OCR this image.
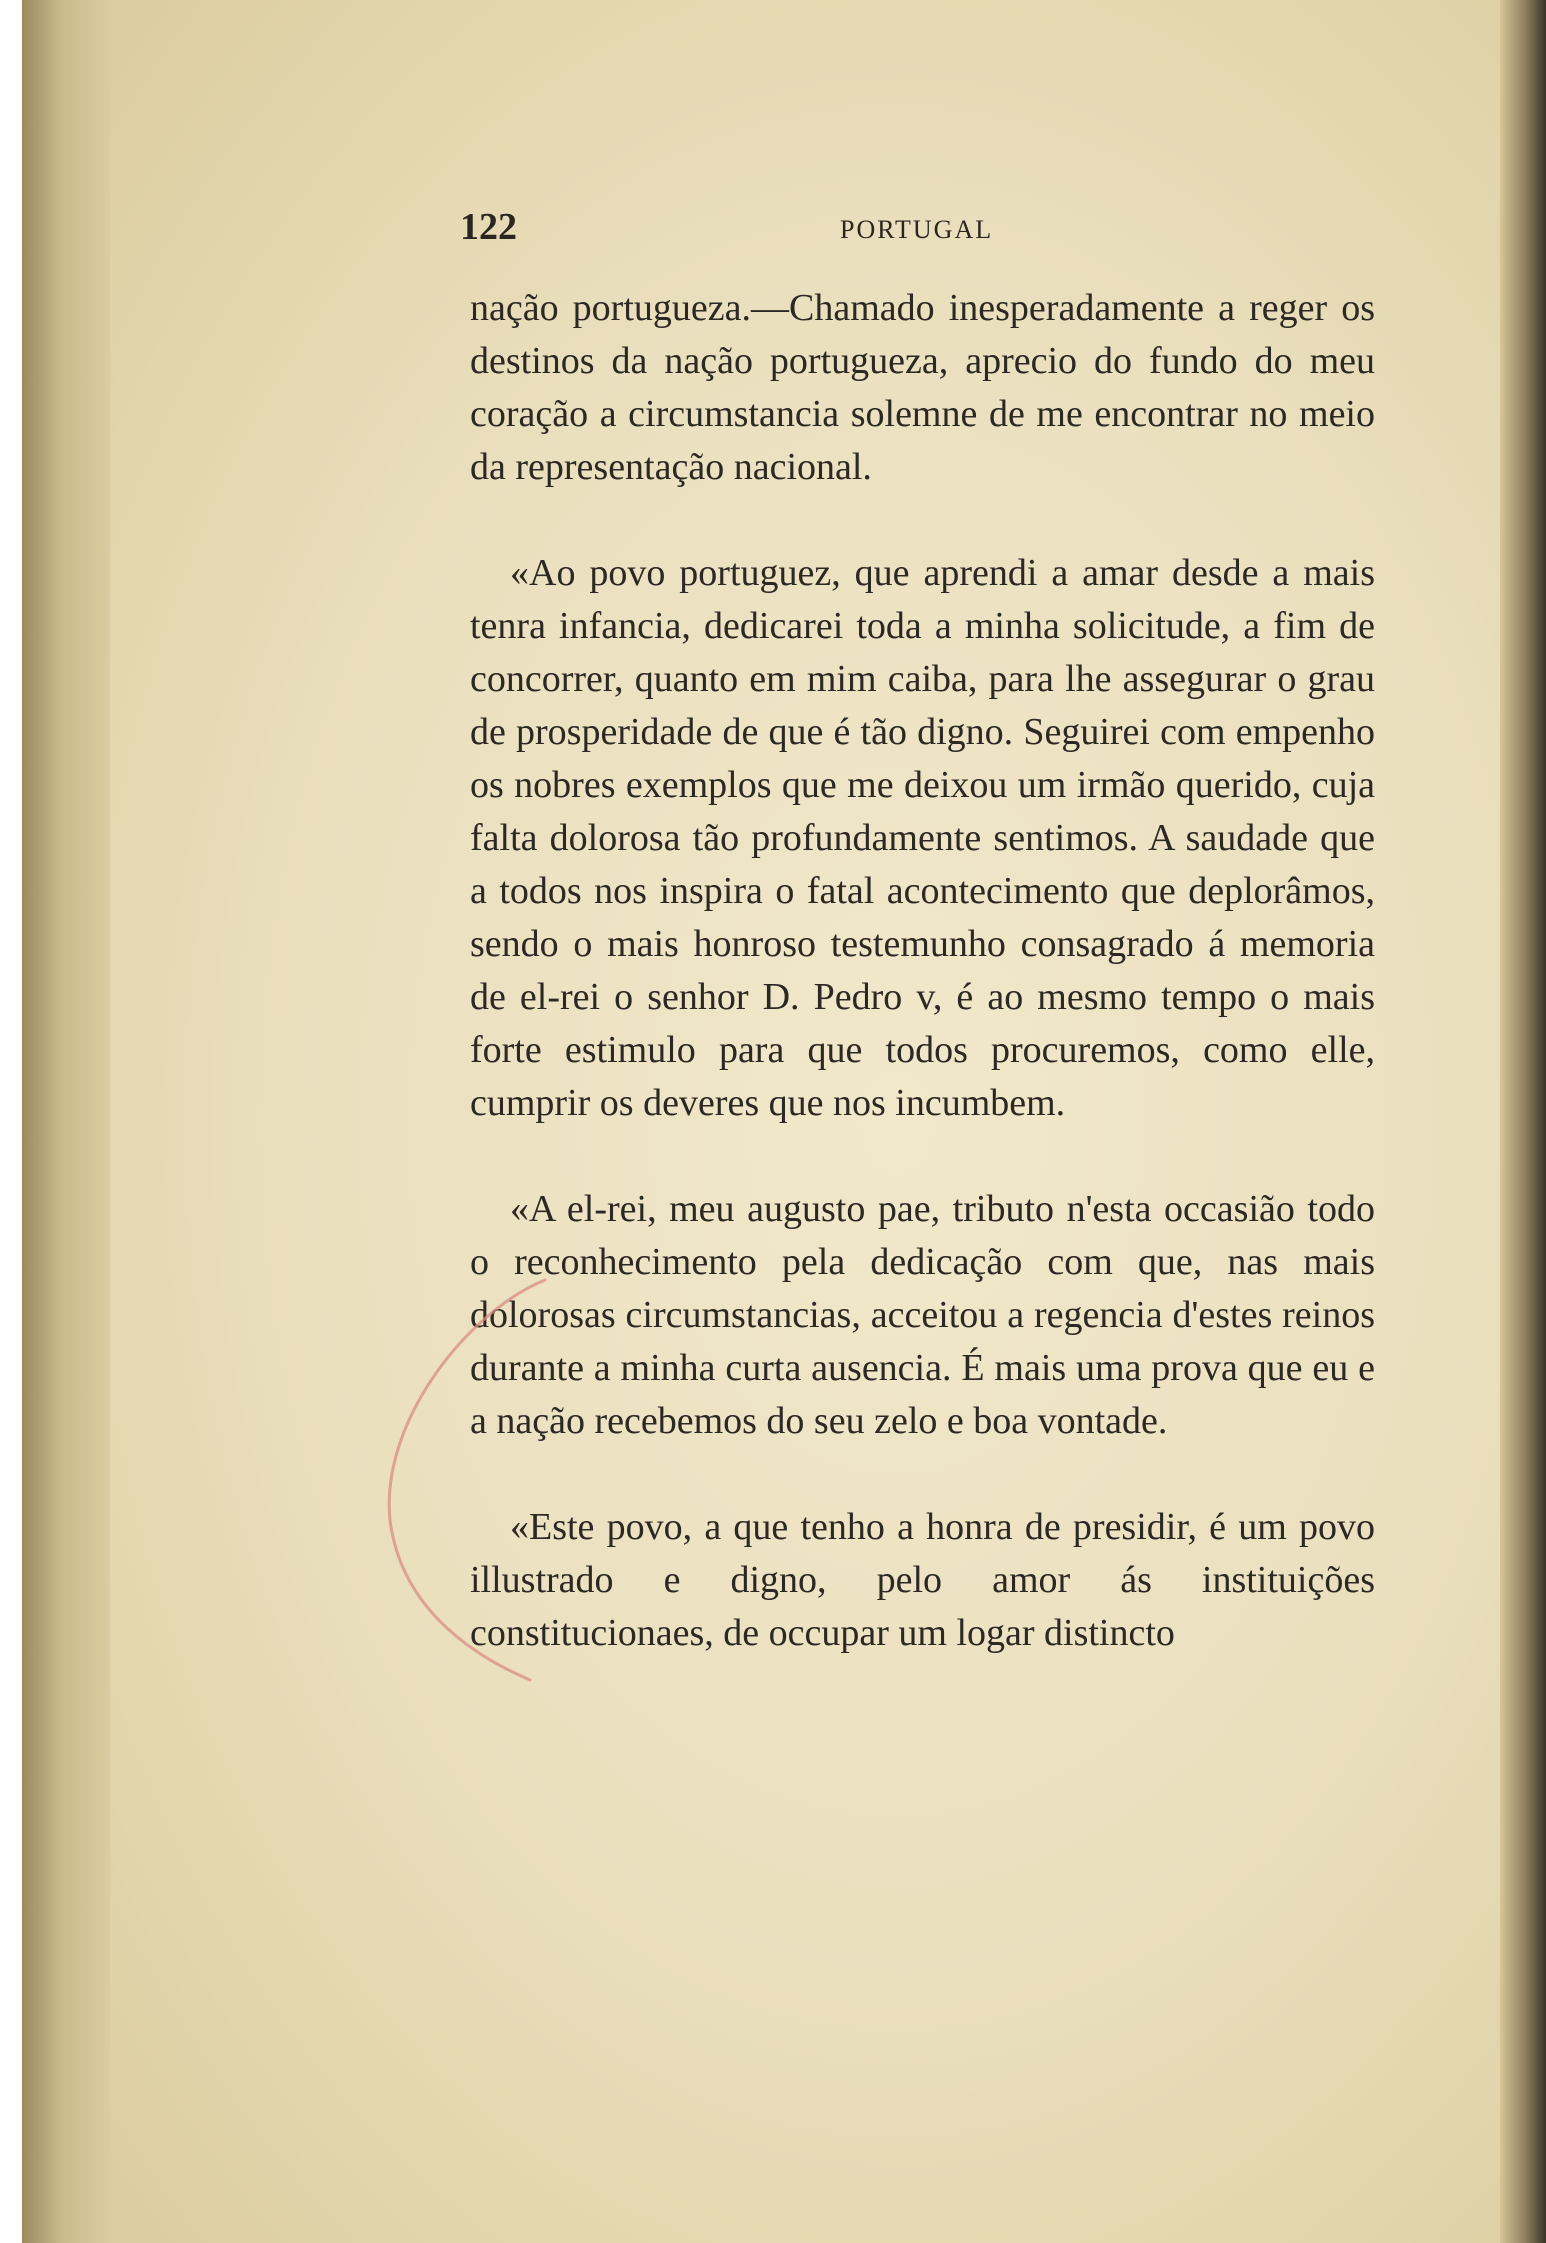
122	PORTUGAL

nação portugueza.—Chamado inesperadamente a reger os destinos da nação portugueza, aprecio do fundo do meu coração a circumstancia solemne de me encontrar no meio da representação nacional.

«Ao povo portuguez, que aprendi a amar desde a mais tenra infancia, dedicarei toda a minha solicitude, a fim de concorrer, quanto em mim caiba, para lhe assegurar o grau de prosperidade de que é tão digno. Seguirei com empenho os nobres exemplos que me deixou um irmão querido, cuja falta dolorosa tão profundamente sentimos. A saudade que a todos nos inspira o fatal acontecimento que deplorâmos, sendo o mais honroso testemunho consagrado á memoria de el-rei o senhor D. Pedro v, é ao mesmo tempo o mais forte estimulo para que todos procuremos, como elle, cumprir os deveres que nos incumbem.

«A el-rei, meu augusto pae, tributo n'esta occasião todo o reconhecimento pela dedicação com que, nas mais dolorosas circumstancias, acceitou a regencia d'estes reinos durante a minha curta ausencia. É mais uma prova que eu e a nação recebemos do seu zelo e boa vontade.

«Este povo, a que tenho a honra de presidir, é um povo illustrado e digno, pelo amor ás instituições constitucionaes, de occupar um logar distincto
